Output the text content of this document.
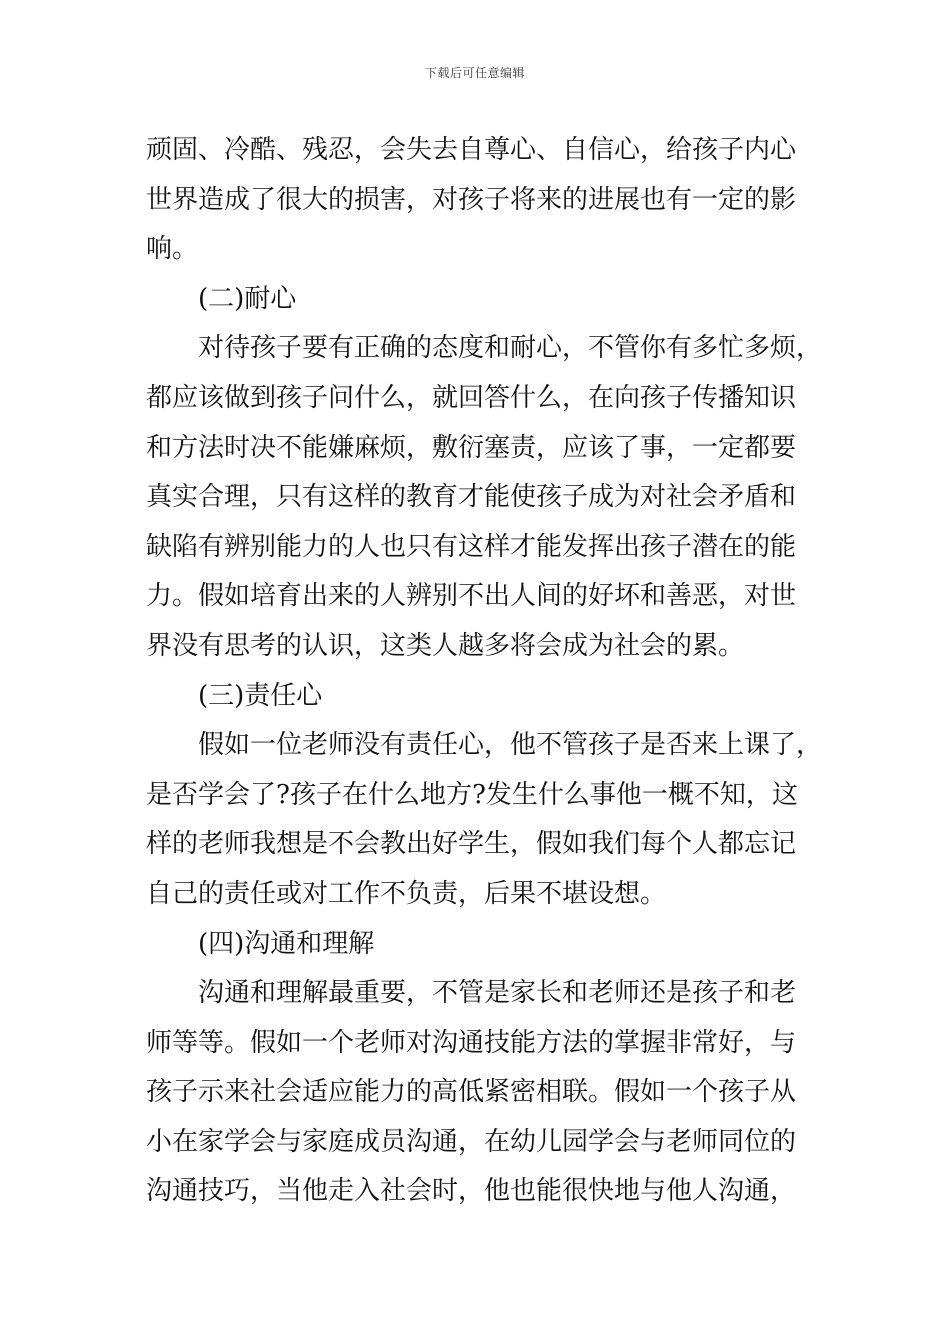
下载后可任意编辑
顽固、冷酷、残忍，会失去自尊心、自信心，给孩子内心
世界造成了很大的损害，对孩子将来的进展也有一定的影
响。
(二)耐心
对待孩子要有正确的态度和耐心，不管你有多忙多烦，
都应该做到孩子问什么，就回答什么，在向孩子传播知识
和方法时决不能嫌麻烦，敷衍塞责，应该了事，一定都要
真实合理，只有这样的教育才能使孩子成为对社会矛盾和
缺陷有辨别能力的人也只有这样才能发挥出孩子潜在的能
力。假如培育出来的人辨别不出人间的好坏和善恶，对世
界没有思考的认识，这类人越多将会成为社会的累。
(三)责任心
假如一位老师没有责任心，他不管孩子是否来上课了，
是否学会了?孩子在什么地方?发生什么事他一概不知，这
样的老师我想是不会教出好学生，假如我们每个人都忘记
自己的责任或对工作不负责，后果不堪设想。
(四)沟通和理解
沟通和理解最重要，不管是家长和老师还是孩子和老
师等等。假如一个老师对沟通技能方法的掌握非常好，与
孩子示来社会适应能力的高低紧密相联。假如一个孩子从
小在家学会与家庭成员沟通，在幼儿园学会与老师同位的
沟通技巧，当他走入社会时，他也能很快地与他人沟通，
